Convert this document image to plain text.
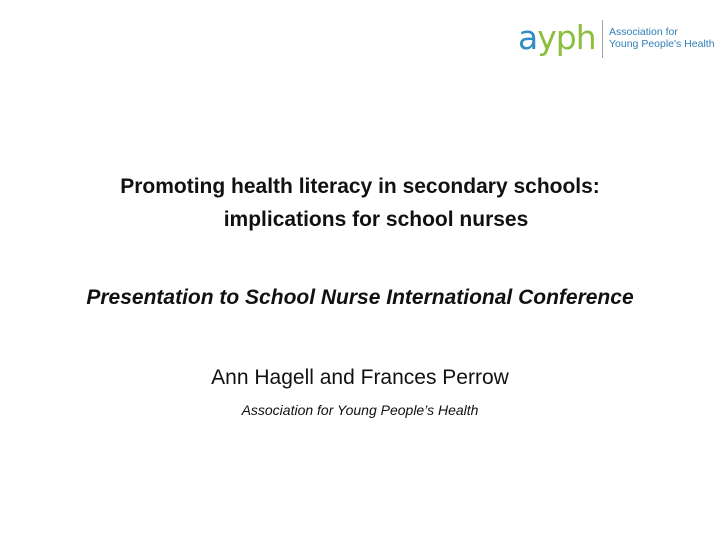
ayph Association for
Young People's Health
Promoting health literacy in secondary schools:
implications for school nurses
Presentation to School Nurse International Conference
Ann Hagell and Frances Perrow
Association for Young People’s Health
